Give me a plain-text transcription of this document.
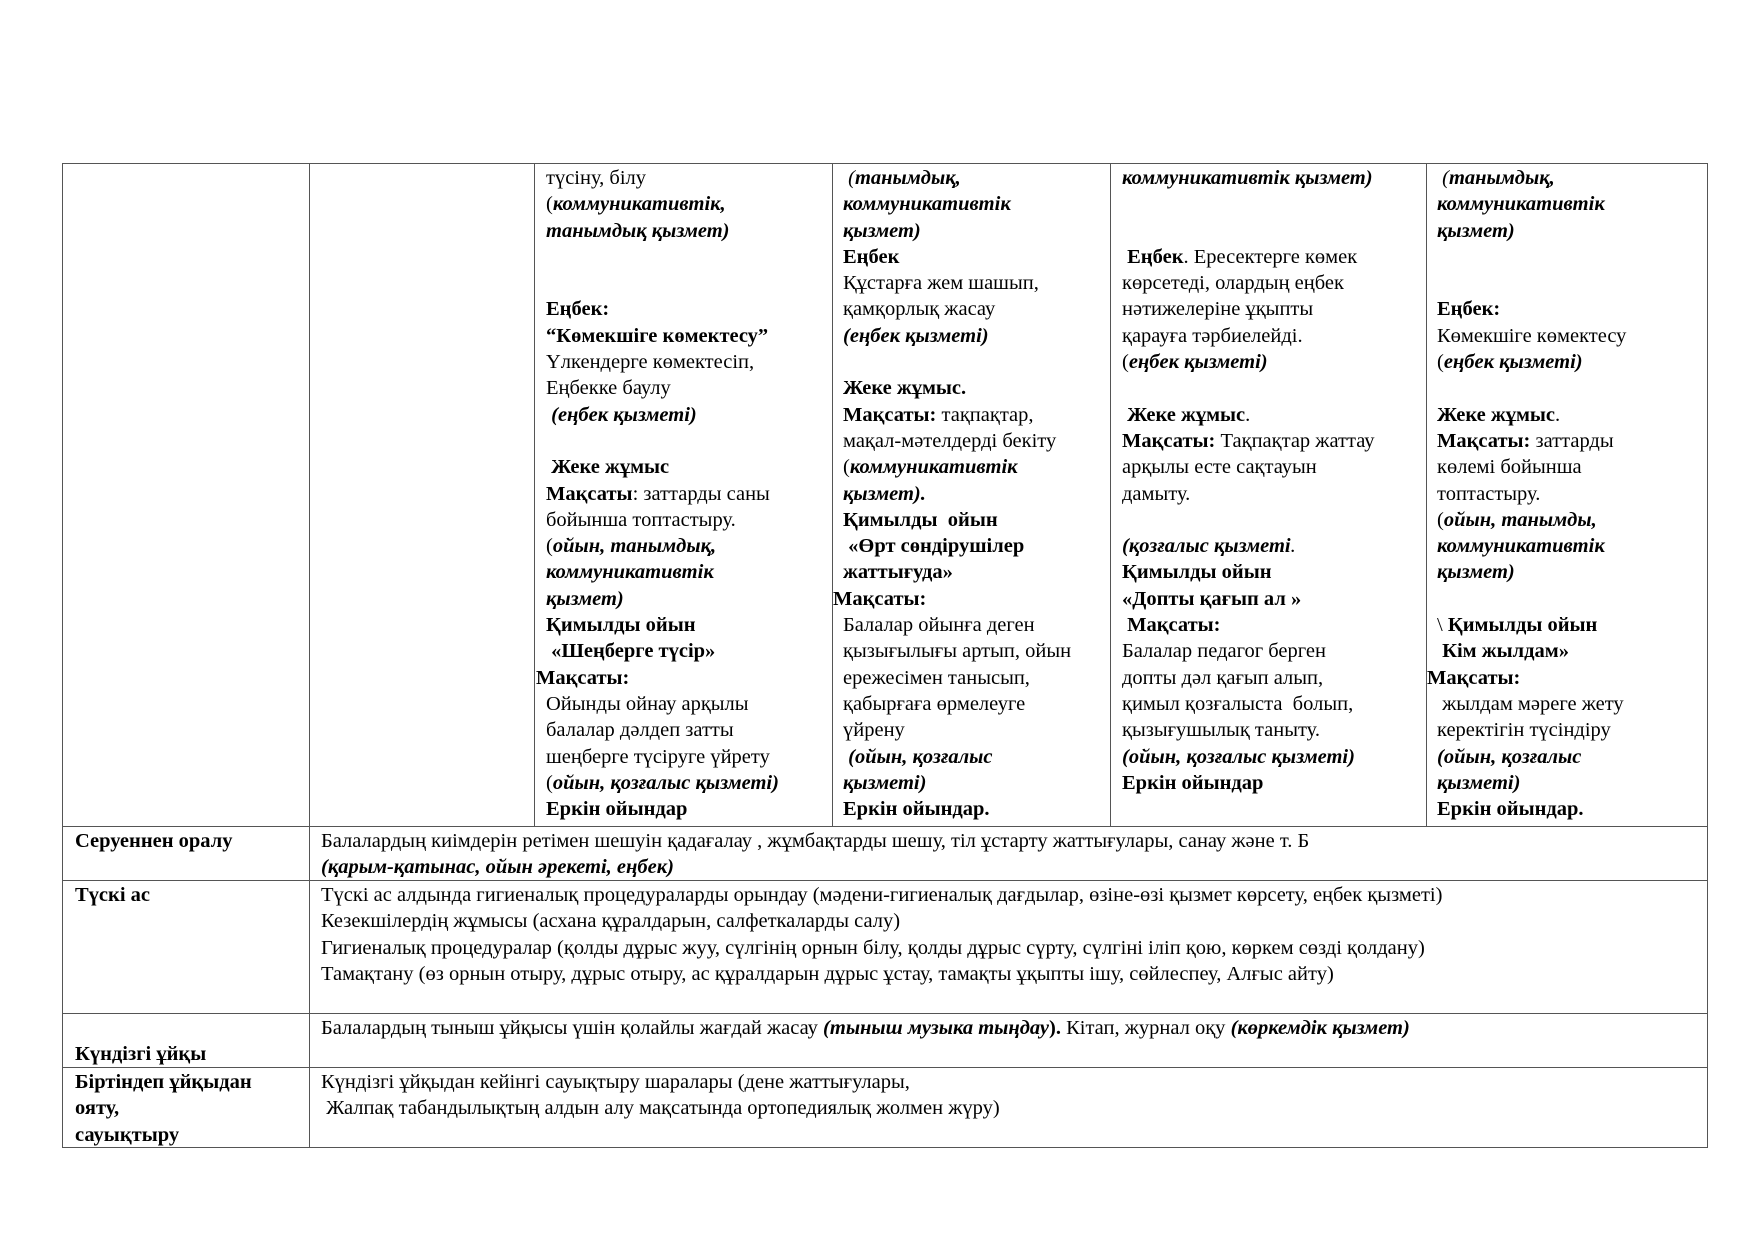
түсіну, білу
(коммуникативтік,
танымдық қызмет)

Еңбек:
“Көмекшіге көмектесу”
Үлкендерге көмектесіп,
Еңбекке баулу
(еңбек қызметі)

Жеке жұмыс
Мақсаты: заттарды саны
бойынша топтастыру.
(ойын, танымдық,
коммуникативтік
қызмет)
Қимылды ойын
«Шеңберге түсір»
Мақсаты:
Ойынды ойнау арқылы
балалар дәлдеп затты
шеңберге түсіруге үйрету
(ойын, қозғалыс қызметі)
Еркін ойындар
(танымдық,
коммуникативтік
қызмет)
Еңбек
Құстарға жем шашып,
қамқорлық жасау
(еңбек қызметі)

Жеке жұмыс.
Мақсаты: тақпақтар,
мақал-мәтелдерді бекіту
(коммуникативтік
қызмет).
Қимылды  ойын
«Өрт сөндірушілер
жаттығуда»
Мақсаты:
Балалар ойынға деген
қызығылығы артып, ойын
ережесімен танысып,
қабырғаға өрмелеуге
үйрену
(ойын, қозғалыс
қызметі)
Еркін ойындар.
коммуникативтік қызмет)

Еңбек. Ересектерге көмек
көрсетеді, олардың еңбек
нәтижелеріне ұқыпты
қарауға тәрбиелейді.
(еңбек қызметі)

Жеке жұмыс.
Мақсаты: Тақпақтар жаттау
арқылы есте сақтауын
дамыту.

(қозғалыс қызметі.
Қимылды ойын
«Допты қағып ал »
Мақсаты:
Балалар педагог берген
допты дәл қағып алып,
қимыл қозғалыста  болып,
қызығушылық таныту.
(ойын, қозғалыс қызметі)
Еркін ойындар
(танымдық,
коммуникативтік
қызмет)

Еңбек:
Көмекшіге көмектесу
(еңбек қызметі)

Жеке жұмыс.
Мақсаты: заттарды
көлемі бойынша
топтастыру.
(ойын, танымды,
коммуникативтік
қызмет)

\ Қимылды ойын
Кім жылдам»
Мақсаты:
жылдам мәреге жету
керектігін түсіндіру
(ойын, қозғалыс
қызметі)
Еркін ойындар.
Серуеннен оралу	Балалардың киімдерін ретімен шешуін қадағалау , жұмбақтарды шешу, тіл ұстарту жаттығулары, санау және т. Б
(қарым-қатынас, ойын әрекеті, еңбек)
Түскі ас	Түскі ас алдында гигиеналық процедураларды орындау (мәдени-гигиеналық дағдылар, өзіне-өзі қызмет көрсету, еңбек қызметі)
Кезекшілердің жұмысы (асхана құралдарын, салфеткаларды салу)
Гигиеналық процедуралар (қолды дұрыс жуу, сүлгінің орнын білу, қолды дұрыс сүрту, сүлгіні іліп қою, көркем сөзді қолдану)
Тамақтану (өз орнын отыру, дұрыс отыру, ас құралдарын дұрыс ұстау, тамақты ұқыпты ішу, сөйлеспеу, Алғыс айту)
Күндізгі ұйқы
Балалардың тыныш ұйқысы үшін қолайлы жағдай жасау (тыныш музыка тыңдау). Кітап, журнал оқу (көркемдік қызмет)
Біртіндеп ұйқыдан
ояту,
сауықтыру
Күндізгі ұйқыдан кейінгі сауықтыру шаралары (дене жаттығулары,
Жалпақ табандылықтың алдын алу мақсатында ортопедиялық жолмен жүру)
